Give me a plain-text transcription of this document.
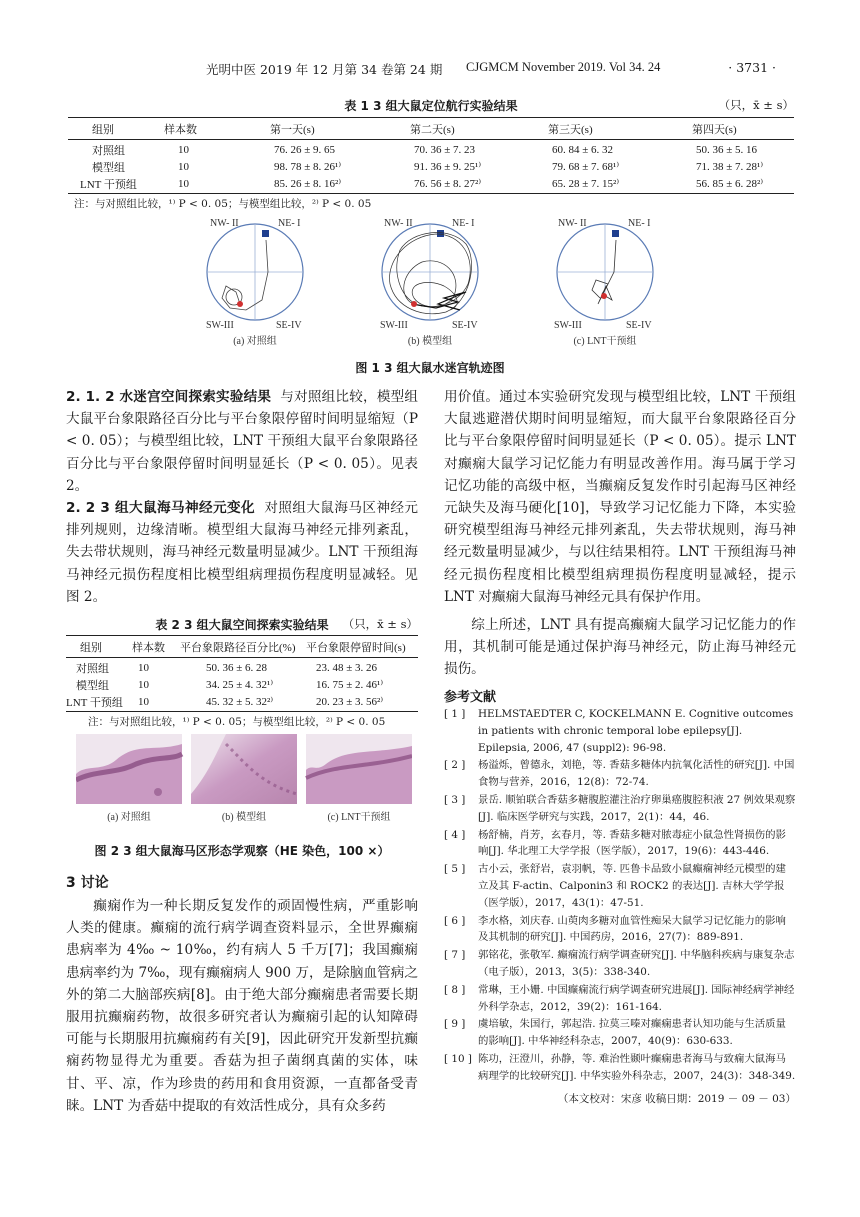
光明中医 2019 年 12 月第 34 卷第 24 期 CJGMCM November 2019. Vol 34. 24	· 3731 ·
表 1 3 组大鼠定位航行实验结果	（只，x̄ ± s）
组别	样本数	第一天(s)	第二天(s)	第三天(s)	第四天(s)
对照组	10	76. 26 ± 9. 65	70. 36 ± 7. 23	60. 84 ± 6. 32	50. 36 ± 5. 16
模型组	10	98. 78 ± 8. 26¹⁾	91. 36 ± 9. 25¹⁾	79. 68 ± 7. 68¹⁾	71. 38 ± 7. 28¹⁾
LNT 干预组	10	85. 26 ± 8. 16²⁾	76. 56 ± 8. 27²⁾	65. 28 ± 7. 15²⁾	56. 85 ± 6. 28²⁾
注：与对照组比较，¹⁾ P < 0. 05；与模型组比较，²⁾ P < 0. 05
NW- II	NE- I
SW-III	SE-IV
(a) 对照组
NW- II	NE- I
SW-III	SE-IV
(b) 模型组
NW- II	NE- I
SW-III	SE-IV
(c) LNT干预组
图 1 3 组大鼠水迷宫轨迹图

2. 1. 2 水迷宫空间探索实验结果 与对照组比较，模型组大鼠平台象限路径百分比与平台象限停留时间明显缩短（P < 0. 05）；与模型组比较，LNT 干预组大鼠平台象限路径百分比与平台象限停留时间明显延长（P < 0. 05）。见表 2。

2. 2 3 组大鼠海马神经元变化 对照组大鼠海马区神经元排列规则，边缘清晰。模型组大鼠海马神经元排列紊乱，失去带状规则，海马神经元数量明显减少。LNT 干预组海马神经元损伤程度相比模型组病理损伤程度明显减轻。见图 2。

表 2 3 组大鼠空间探索实验结果	（只，x̄ ± s）
组别	样本数	平台象限路径百分比(%)	平台象限停留时间(s)
对照组	10	50. 36 ± 6. 28	23. 48 ± 3. 26
模型组	10	34. 25 ± 4. 32¹⁾	16. 75 ± 2. 46¹⁾
LNT 干预组	10	45. 32 ± 5. 32²⁾	20. 23 ± 3. 56²⁾
注：与对照组比较，¹⁾ P < 0. 05；与模型组比较，²⁾ P < 0. 05
(a) 对照组	(b) 模型组	(c) LNT干预组
图 2 3 组大鼠海马区形态学观察（HE 染色，100 ×）
3 讨论

癫痫作为一种长期反复发作的顽固慢性病，严重影响人类的健康。癫痫的流行病学调查资料显示，全世界癫痫患病率为 4‰ ~ 10‰，约有病人 5 千万[7]；我国癫痫患病率约为 7‰，现有癫痫病人 900 万，是除脑血管病之外的第二大脑部疾病[8]。由于绝大部分癫痫患者需要长期服用抗癫痫药物，故很多研究者认为癫痫引起的认知障碍可能与长期服用抗癫痫药有关[9]，因此研究开发新型抗癫痫药物显得尤为重要。香菇为担子菌纲真菌的实体，味甘、平、凉，作为珍贵的药用和食用资源，一直都备受青睐。LNT 为香菇中提取的有效活性成分，具有众多药

用价值。通过本实验研究发现与模型组比较，LNT 干预组大鼠逃避潜伏期时间明显缩短，而大鼠平台象限路径百分比与平台象限停留时间明显延长（P < 0. 05）。提示 LNT 对癫痫大鼠学习记忆能力有明显改善作用。海马属于学习记忆功能的高级中枢，当癫痫反复发作时引起海马区神经元缺失及海马硬化[10]，导致学习记忆能力下降，本实验研究模型组海马神经元排列紊乱，失去带状规则，海马神经元数量明显减少，与以往结果相符。LNT 干预组海马神经元损伤程度相比模型组病理损伤程度明显减轻，提示 LNT 对癫痫大鼠海马神经元具有保护作用。

综上所述，LNT 具有提高癫痫大鼠学习记忆能力的作用，其机制可能是通过保护海马神经元，防止海马神经元损伤。

参考文献
[ 1 ]	HELMSTAEDTER C, KOCKELMANN E. Cognitive outcomes in patients with chronic temporal lobe epilepsy[J]. Epilepsia, 2006, 47 (suppl2): 96-98.
[ 2 ]	杨溢烁，曾德永，刘艳，等. 香菇多糖体内抗氧化活性的研究[J]. 中国食物与营养，2016，12(8)：72-74.
[ 3 ]	景岳. 顺铂联合香菇多糖腹腔灌注治疗卵巢癌腹腔积液 27 例效果观察[J]. 临床医学研究与实践，2017，2(1)：44，46.
[ 4 ]	杨舒楠，肖芳，玄春月，等. 香菇多糖对脓毒症小鼠急性肾损伤的影响[J]. 华北理工大学学报（医学版），2017，19(6)：443-446.
[ 5 ]	古小云，张舒岩，袁羽帆，等. 匹鲁卡品致小鼠癫痫神经元模型的建立及其 F-actin、Calponin3 和 ROCK2 的表达[J]. 吉林大学学报（医学版），2017，43(1)：47-51.
[ 6 ]	李水格，刘庆春. 山萸肉多糖对血管性痴呆大鼠学习记忆能力的影响及其机制的研究[J]. 中国药房，2016，27(7)：889-891.
[ 7 ]	郭铭花，张敬军. 癫痫流行病学调查研究[J]. 中华脑科疾病与康复杂志（电子版），2013，3(5)：338-340.
[ 8 ]	常琳，王小姗. 中国癫痫流行病学调查研究进展[J]. 国际神经病学神经外科学杂志，2012，39(2)：161-164.
[ 9 ]	虞培敏，朱国行，郭起浩. 拉莫三嗪对癫痫患者认知功能与生活质量的影响[J]. 中华神经科杂志，2007，40(9)：630-633.
[ 10 ] 陈功，汪澄川，孙静，等. 难治性颞叶癫痫患者海马与致痫大鼠海马病理学的比较研究[J]. 中华实验外科杂志，2007，24(3)：348-349.
（本文校对：宋彦 收稿日期：2019 － 09 － 03）
